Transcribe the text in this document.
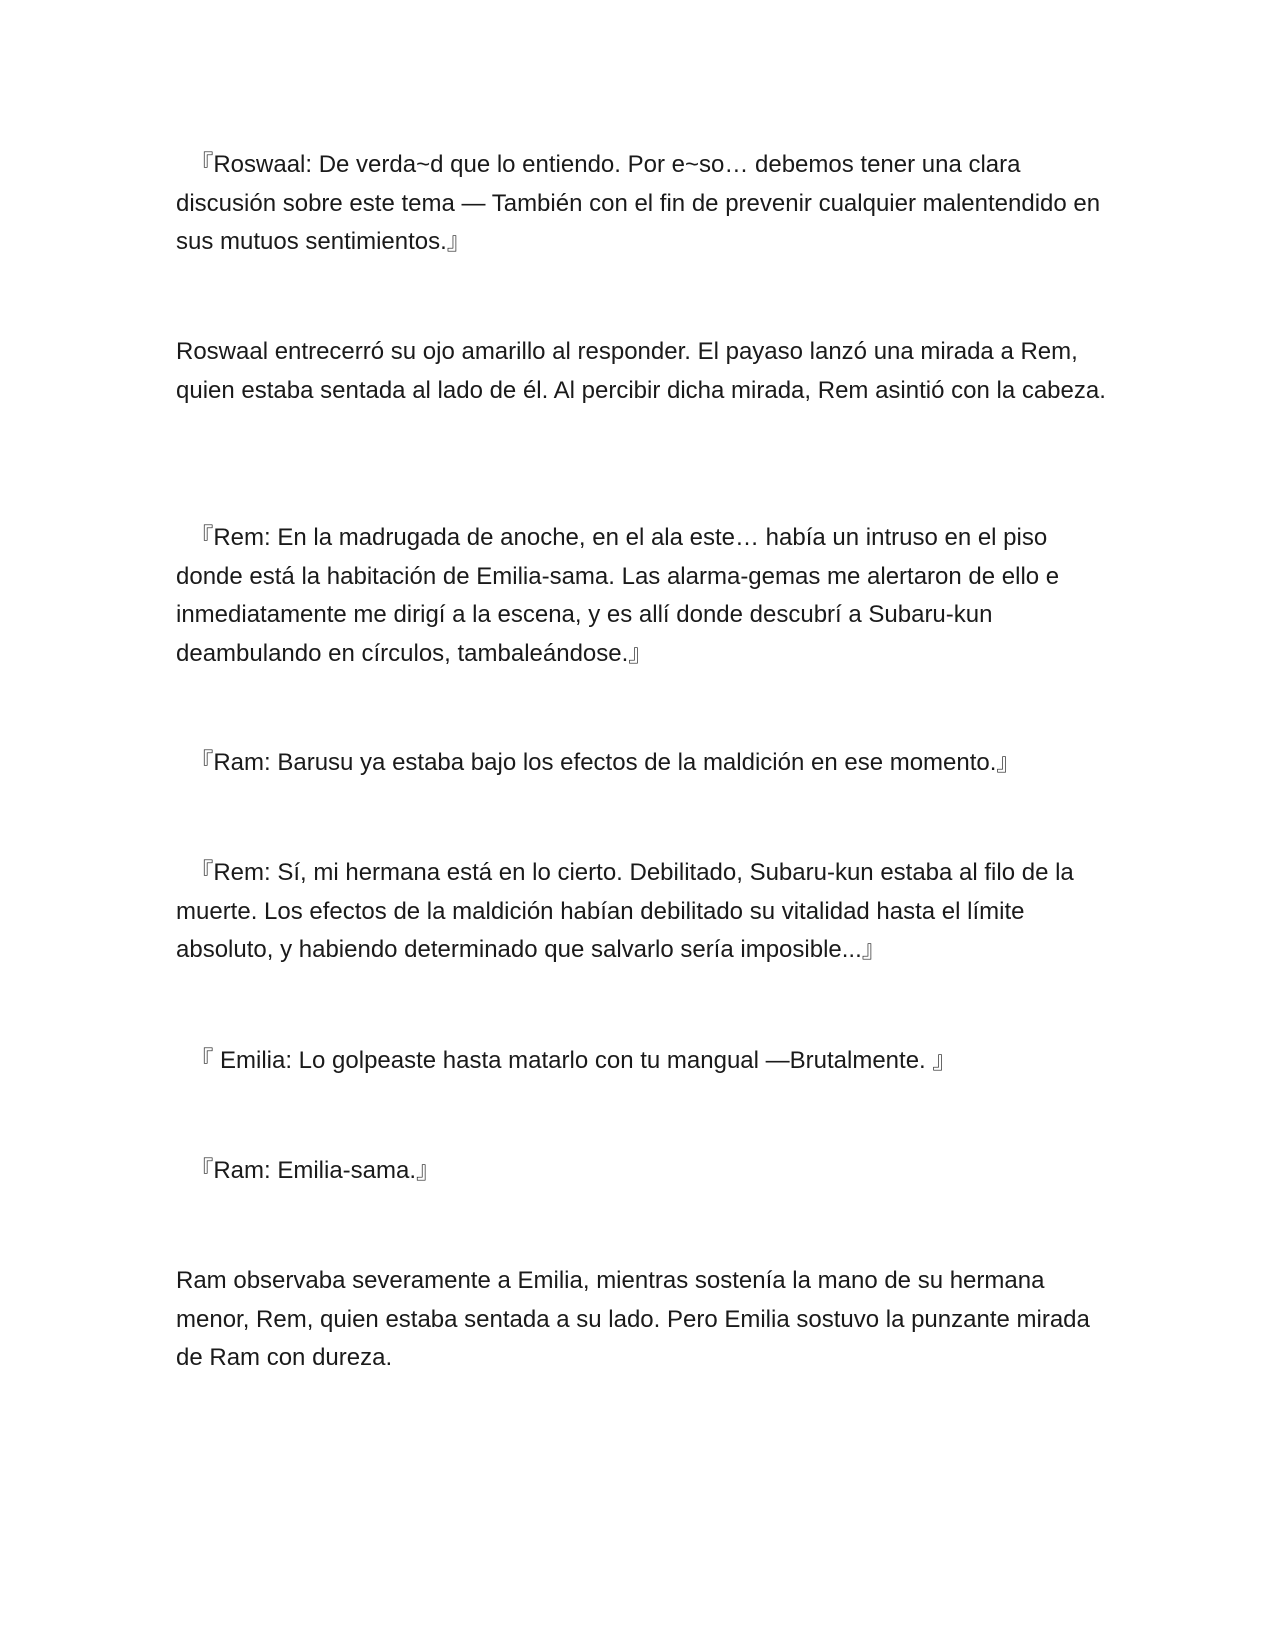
『Roswaal: De verda~d que lo entiendo. Por e~so… debemos tener una clara discusión sobre este tema — También con el fin de prevenir cualquier malentendido en sus mutuos sentimientos.』

Roswaal entrecerró su ojo amarillo al responder. El payaso lanzó una mirada a Rem, quien estaba sentada al lado de él. Al percibir dicha mirada, Rem asintió con la cabeza.

『Rem: En la madrugada de anoche, en el ala este… había un intruso en el piso donde está la habitación de Emilia-sama. Las alarma-gemas me alertaron de ello e inmediatamente me dirigí a la escena, y es allí donde descubrí a Subaru-kun deambulando en círculos, tambaleándose.』

『Ram: Barusu ya estaba bajo los efectos de la maldición en ese momento.』

『Rem: Sí, mi hermana está en lo cierto. Debilitado, Subaru-kun estaba al filo de la muerte. Los efectos de la maldición habían debilitado su vitalidad hasta el límite absoluto, y habiendo determinado que salvarlo sería imposible...』

『 Emilia: Lo golpeaste hasta matarlo con tu mangual —Brutalmente. 』

『Ram: Emilia-sama.』

Ram observaba severamente a Emilia, mientras sostenía la mano de su hermana menor, Rem, quien estaba sentada a su lado. Pero Emilia sostuvo la punzante mirada de Ram con dureza.
